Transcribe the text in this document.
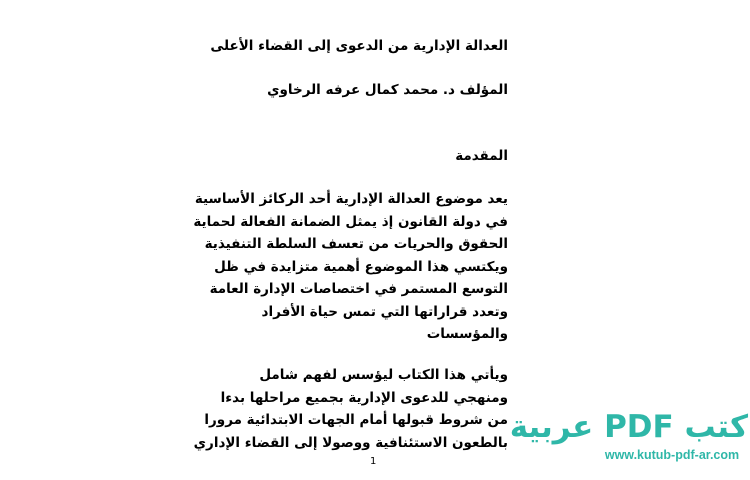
العدالة الإدارية من الدعوى إلى القضاء الأعلى
المؤلف د. محمد كمال عرفه الرخاوي
المقدمة
يعد موضوع العدالة الإدارية أحد الركائز الأساسية
في دولة القانون إذ يمثل الضمانة الفعالة لحماية
الحقوق والحريات من تعسف السلطة التنفيذية
ويكتسي هذا الموضوع أهمية متزايدة في ظل
التوسع المستمر في اختصاصات الإدارة العامة
وتعدد قراراتها التي تمس حياة الأفراد
والمؤسسات
ويأتي هذا الكتاب ليؤسس لفهم شامل
ومنهجي للدعوى الإدارية بجميع مراحلها بدءا
من شروط قبولها أمام الجهات الابتدائية مرورا
بالطعون الاستئنافية ووصولا إلى القضاء الإداري
1
كتب PDF عربية
www.kutub-pdf-ar.com
